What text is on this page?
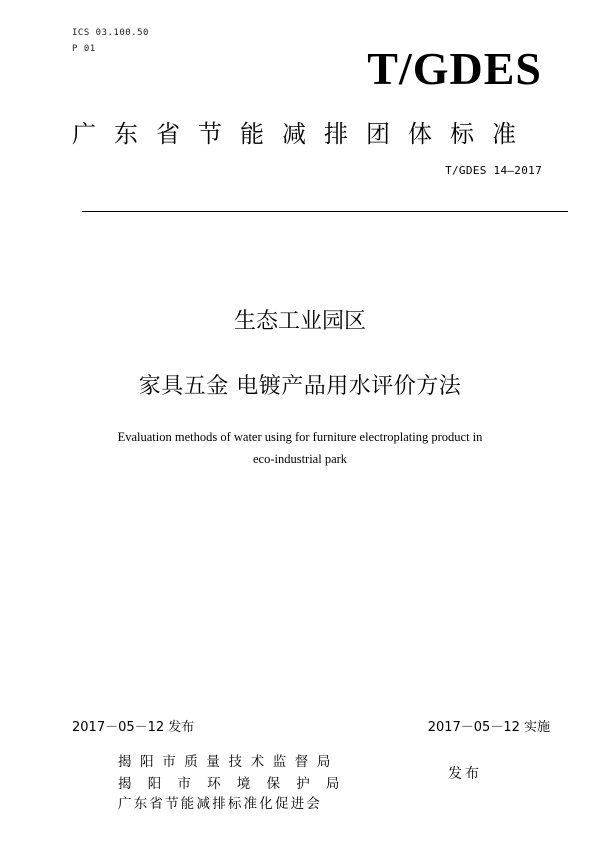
ICS 03.100.50
P 01	T/GDES
广东省节能减排团体标准
T/GDES 14—2017
生态工业园区
家具五金 电镀产品用水评价方法
Evaluation methods of water using for furniture electroplating product in
eco-industrial park
2017－05－12 发布	2017－05－12 实施
揭阳市质量技术监督局
揭阳市环境保护局
广东省节能减排标准化促进会
发布
